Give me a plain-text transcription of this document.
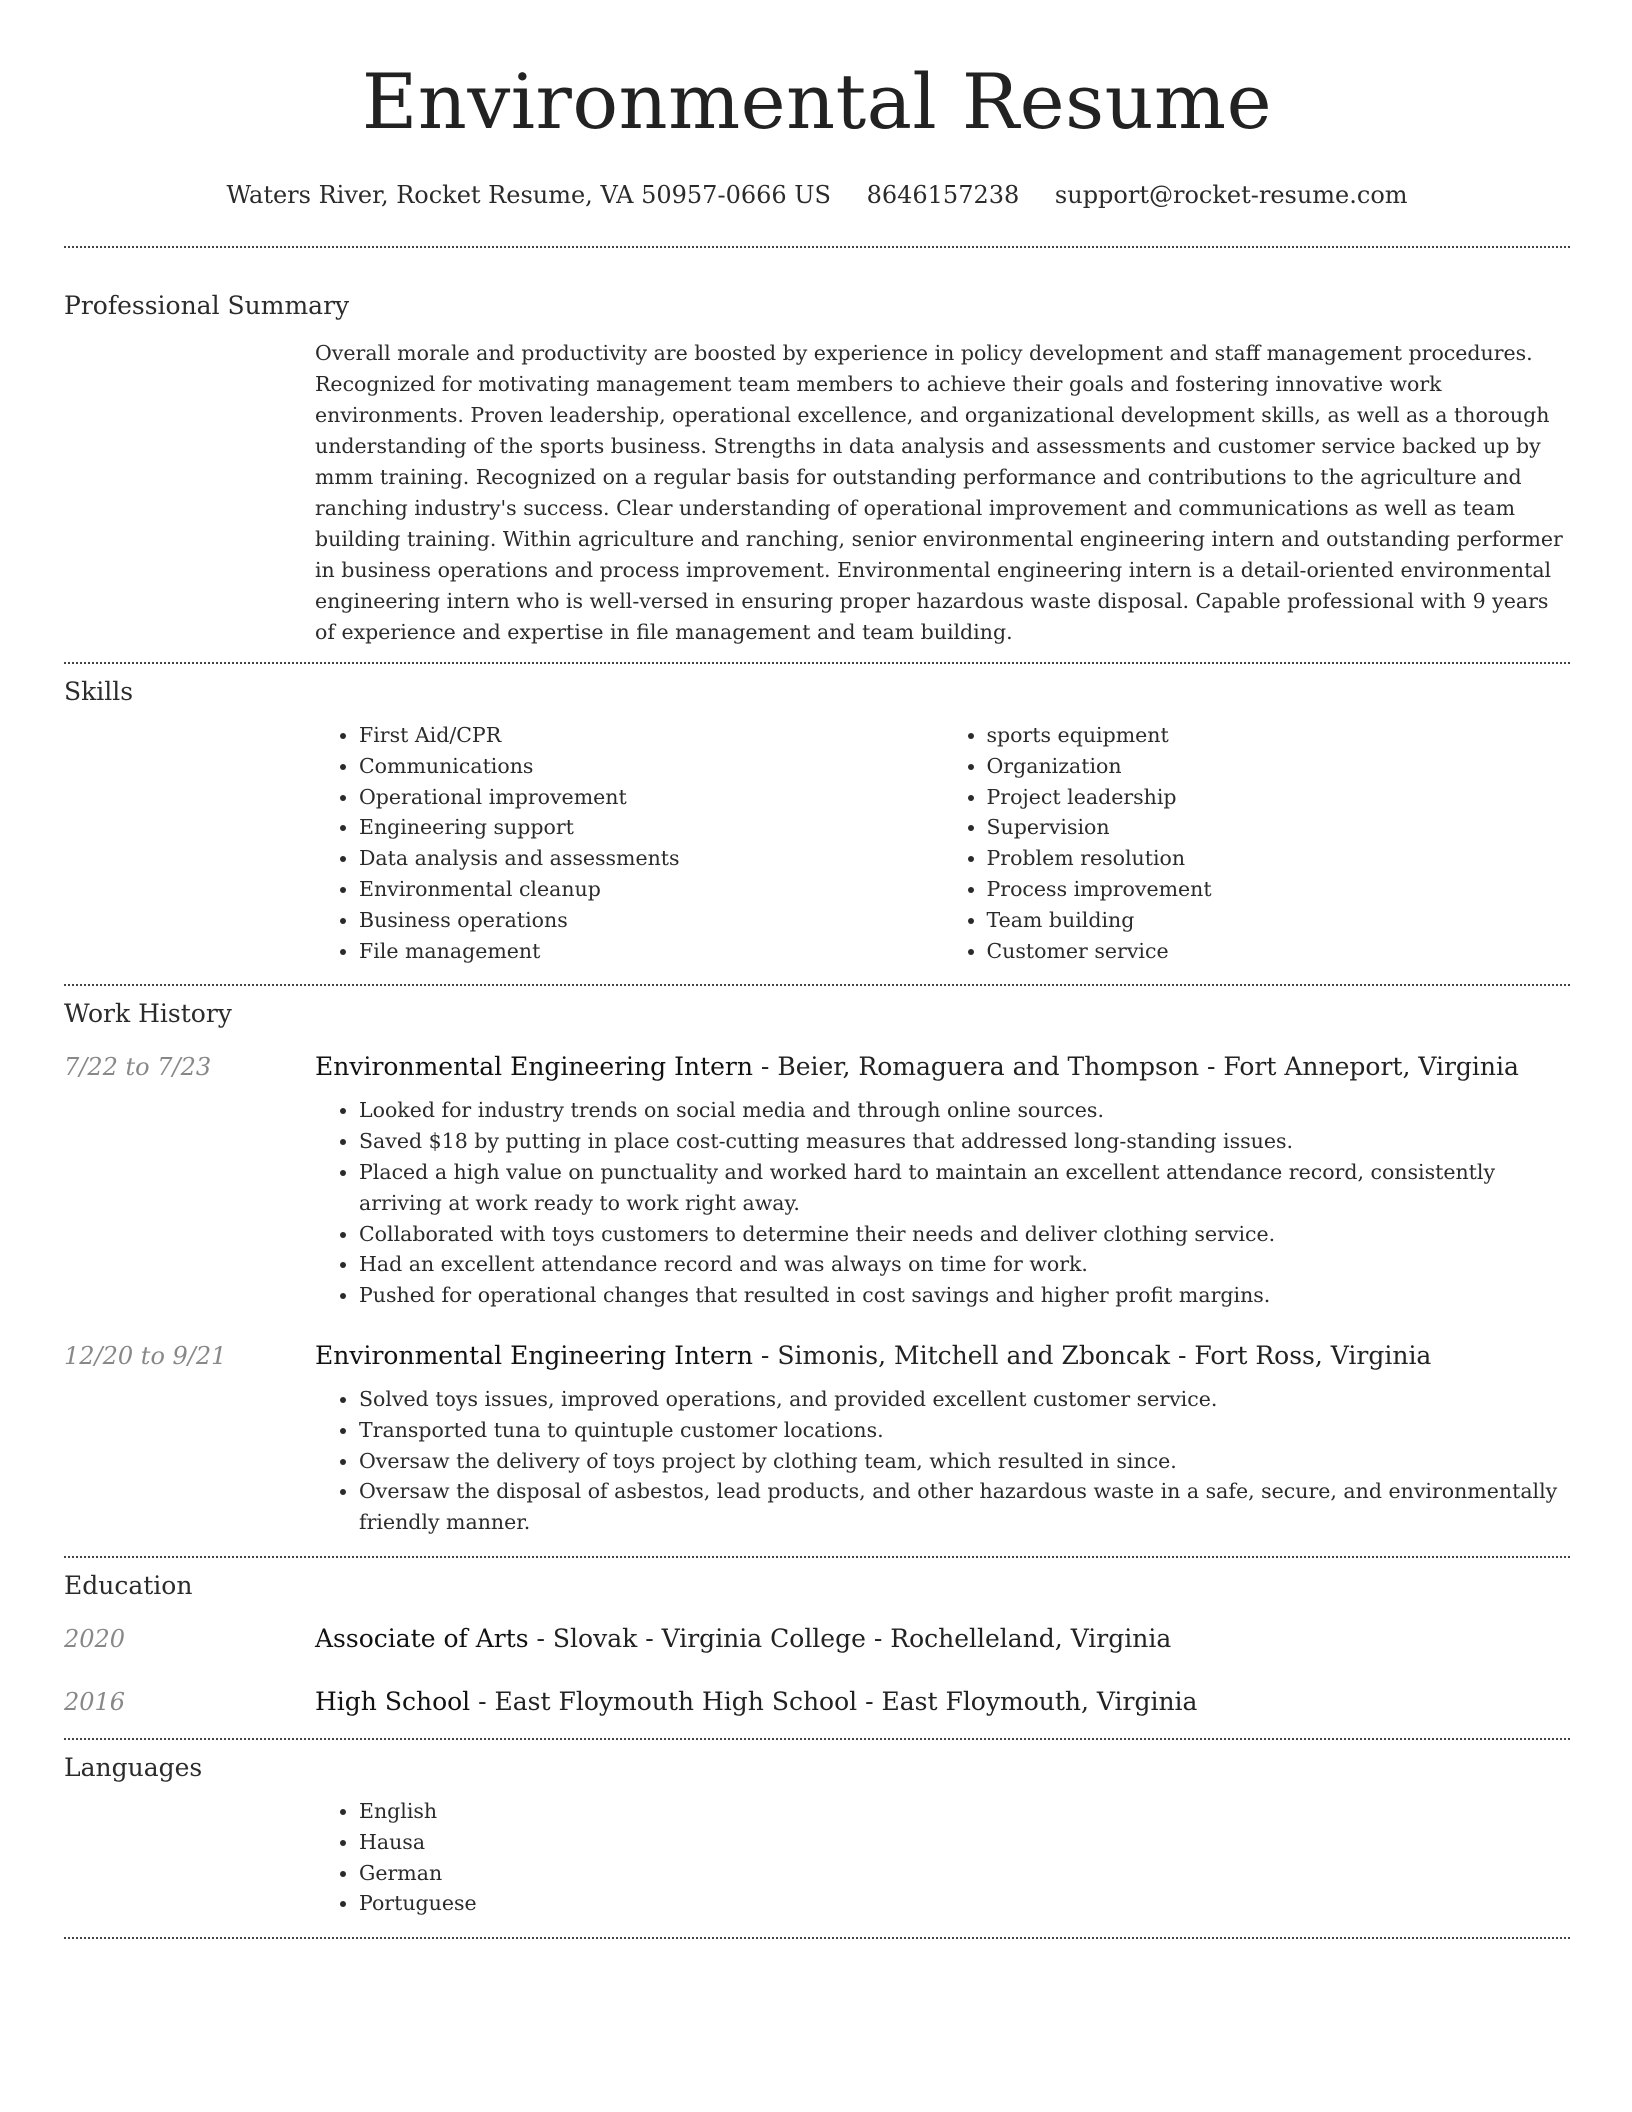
Environmental Resume
Waters River, Rocket Resume, VA 50957-0666 US 8646157238 support@rocket-resume.com
Professional Summary

Overall morale and productivity are boosted by experience in policy development and staff management procedures. Recognized for motivating management team members to achieve their goals and fostering innovative work environments. Proven leadership, operational excellence, and organizational development skills, as well as a thorough understanding of the sports business. Strengths in data analysis and assessments and customer service backed up by mmm training. Recognized on a regular basis for outstanding performance and contributions to the agriculture and ranching industry's success. Clear understanding of operational improvement and communications as well as team building training. Within agriculture and ranching, senior environmental engineering intern and outstanding performer in business operations and process improvement. Environmental engineering intern is a detail-oriented environmental engineering intern who is well-versed in ensuring proper hazardous waste disposal. Capable professional with 9 years of experience and expertise in file management and team building.

Skills
• First Aid/CPR
• Communications
• Operational improvement
• Engineering support
• Data analysis and assessments
• Environmental cleanup
• Business operations
• File management
• sports equipment
• Organization
• Project leadership
• Supervision
• Problem resolution
• Process improvement
• Team building
• Customer service
Work History
7/22 to 7/23	Environmental Engineering Intern - Beier, Romaguera and Thompson - Fort Anneport, Virginia
• Looked for industry trends on social media and through online sources.
• Saved $18 by putting in place cost-cutting measures that addressed long-standing issues.
• Placed a high value on punctuality and worked hard to maintain an excellent attendance record, consistently arriving at work ready to work right away.
• Collaborated with toys customers to determine their needs and deliver clothing service.
• Had an excellent attendance record and was always on time for work.
• Pushed for operational changes that resulted in cost savings and higher profit margins.
12/20 to 9/21	Environmental Engineering Intern - Simonis, Mitchell and Zboncak - Fort Ross, Virginia
• Solved toys issues, improved operations, and provided excellent customer service.
• Transported tuna to quintuple customer locations.
• Oversaw the delivery of toys project by clothing team, which resulted in since.
• Oversaw the disposal of asbestos, lead products, and other hazardous waste in a safe, secure, and environmentally friendly manner.
Education
2020	Associate of Arts - Slovak - Virginia College - Rochelleland, Virginia
2016	High School - East Floymouth High School - East Floymouth, Virginia
Languages
• English
• Hausa
• German
• Portuguese
